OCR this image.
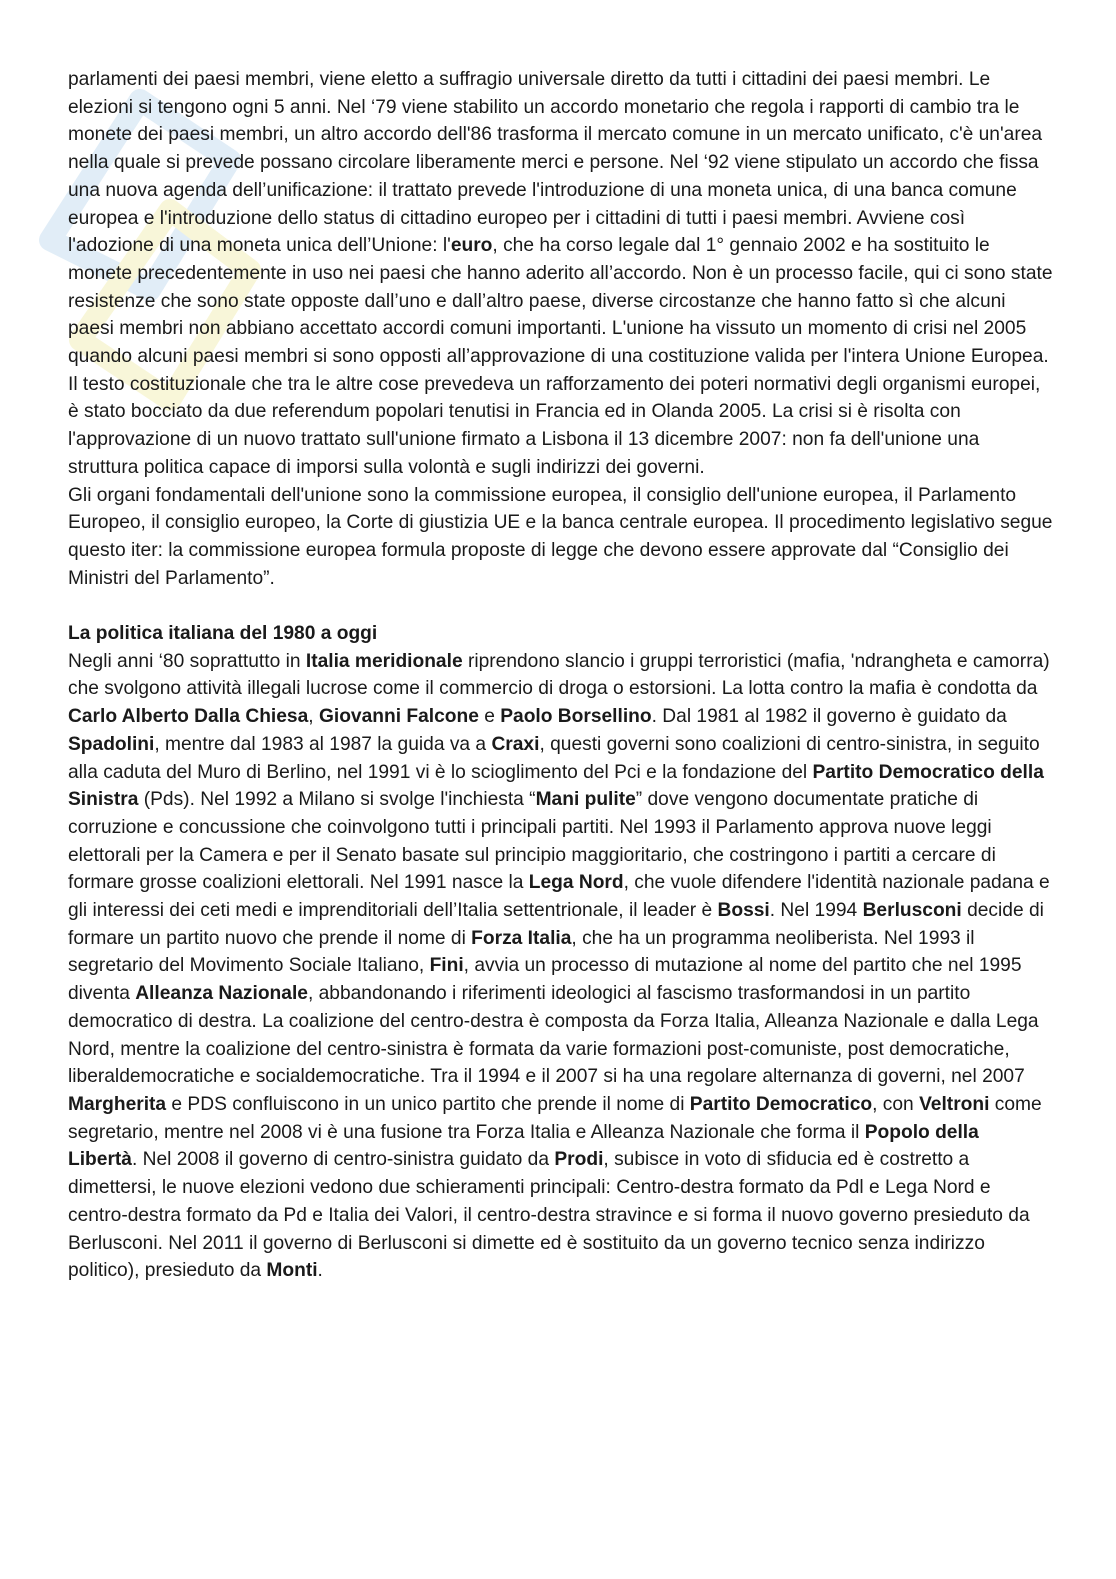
parlamenti dei paesi membri, viene eletto a suffragio universale diretto da tutti i cittadini dei paesi membri. Le elezioni si tengono ogni 5 anni. Nel ‘79 viene stabilito un accordo monetario che regola i rapporti di cambio tra le monete dei paesi membri, un altro accordo dell'86 trasforma il mercato comune in un mercato unificato, c'è un'area nella quale si prevede possano circolare liberamente merci e persone. Nel ‘92 viene stipulato un accordo che fissa una nuova agenda dell’unificazione: il trattato prevede l'introduzione di una moneta unica, di una banca comune europea e l'introduzione dello status di cittadino europeo per i cittadini di tutti i paesi membri. Avviene così l'adozione di una moneta unica dell’Unione: l'euro, che ha corso legale dal 1° gennaio 2002 e ha sostituito le monete precedentemente in uso nei paesi che hanno aderito all’accordo. Non è un processo facile, qui ci sono state resistenze che sono state opposte dall’uno e dall’altro paese, diverse circostanze che hanno fatto sì che alcuni paesi membri non abbiano accettato accordi comuni importanti. L'unione ha vissuto un momento di crisi nel 2005 quando alcuni paesi membri si sono opposti all’approvazione di una costituzione valida per l'intera Unione Europea. Il testo costituzionale che tra le altre cose prevedeva un rafforzamento dei poteri normativi degli organismi europei, è stato bocciato da due referendum popolari tenutisi in Francia ed in Olanda 2005. La crisi si è risolta con l'approvazione di un nuovo trattato sull'unione firmato a Lisbona il 13 dicembre 2007: non fa dell'unione una struttura politica capace di imporsi sulla volontà e sugli indirizzi dei governi.

Gli organi fondamentali dell'unione sono la commissione europea, il consiglio dell'unione europea, il Parlamento Europeo, il consiglio europeo, la Corte di giustizia UE e la banca centrale europea. Il procedimento legislativo segue questo iter: la commissione europea formula proposte di legge che devono essere approvate dal “Consiglio dei Ministri del Parlamento”.

La politica italiana del 1980 a oggi

Negli anni ‘80 soprattutto in Italia meridionale riprendono slancio i gruppi terroristici (mafia, 'ndrangheta e camorra) che svolgono attività illegali lucrose come il commercio di droga o estorsioni. La lotta contro la mafia è condotta da Carlo Alberto Dalla Chiesa, Giovanni Falcone e Paolo Borsellino. Dal 1981 al 1982 il governo è guidato da Spadolini, mentre dal 1983 al 1987 la guida va a Craxi, questi governi sono coalizioni di centro-sinistra, in seguito alla caduta del Muro di Berlino, nel 1991 vi è lo scioglimento del Pci e la fondazione del Partito Democratico della Sinistra (Pds). Nel 1992 a Milano si svolge l'inchiesta “Mani pulite” dove vengono documentate pratiche di corruzione e concussione che coinvolgono tutti i principali partiti. Nel 1993 il Parlamento approva nuove leggi elettorali per la Camera e per il Senato basate sul principio maggioritario, che costringono i partiti a cercare di formare grosse coalizioni elettorali. Nel 1991 nasce la Lega Nord, che vuole difendere l'identità nazionale padana e gli interessi dei ceti medi e imprenditoriali dell’Italia settentrionale, il leader è Bossi. Nel 1994 Berlusconi decide di formare un partito nuovo che prende il nome di Forza Italia, che ha un programma neoliberista. Nel 1993 il segretario del Movimento Sociale Italiano, Fini, avvia un processo di mutazione al nome del partito che nel 1995 diventa Alleanza Nazionale, abbandonando i riferimenti ideologici al fascismo trasformandosi in un partito democratico di destra. La coalizione del centro-destra è composta da Forza Italia, Alleanza Nazionale e dalla Lega Nord, mentre la coalizione del centro-sinistra è formata da varie formazioni post-comuniste, post democratiche, liberaldemocratiche e socialdemocratiche. Tra il 1994 e il 2007 si ha una regolare alternanza di governi, nel 2007 Margherita e PDS confluiscono in un unico partito che prende il nome di Partito Democratico, con Veltroni come segretario, mentre nel 2008 vi è una fusione tra Forza Italia e Alleanza Nazionale che forma il Popolo della Libertà. Nel 2008 il governo di centro-sinistra guidato da Prodi, subisce in voto di sfiducia ed è costretto a dimettersi, le nuove elezioni vedono due schieramenti principali: Centro-destra formato da Pdl e Lega Nord e centro-destra formato da Pd e Italia dei Valori, il centro-destra stravince e si forma il nuovo governo presieduto da Berlusconi. Nel 2011 il governo di Berlusconi si dimette ed è sostituito da un governo tecnico senza indirizzo politico), presieduto da Monti.
